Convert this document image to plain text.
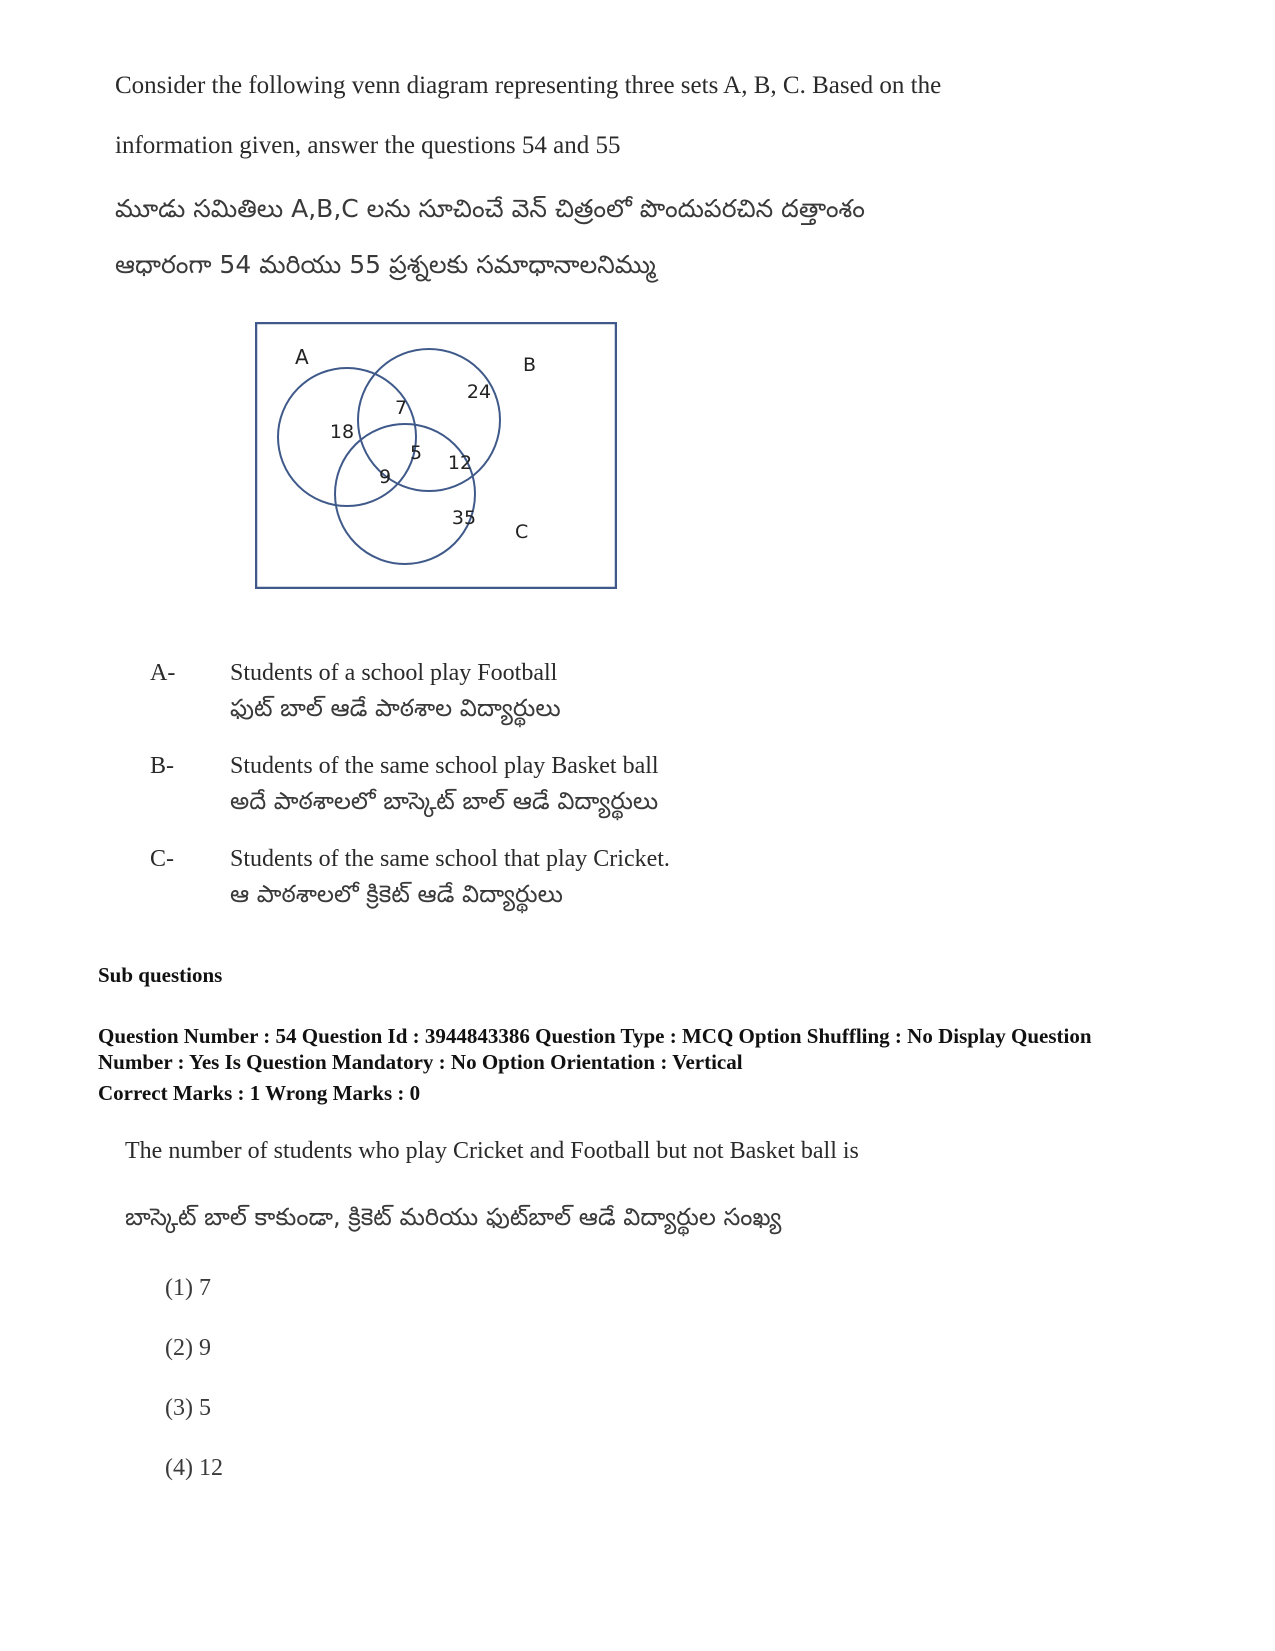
Consider the following venn diagram representing three sets A, B, C. Based on the
information given, answer the questions 54 and 55
మూడు సమితిలు A,B,C లను సూచించే వెన్ చిత్రంలో పొందుపరచిన దత్తాంశం
ఆధారంగా 54 మరియు 55 ప్రశ్నలకు సమాధానాలనిమ్ము
A	B
C
18
7
24
5
9
12
35
A- Students of a school play Football
ఫుట్ బాల్ ఆడే పాఠశాల విద్యార్థులు
B- Students of the same school play Basket ball
అదే పాఠశాలలో బాస్కెట్ బాల్ ఆడే విద్యార్థులు
C- Students of the same school that play Cricket.
ఆ పాఠశాలలో క్రికెట్ ఆడే విద్యార్థులు
Sub questions
Question Number : 54 Question Id : 3944843386 Question Type : MCQ Option Shuffling : No Display Question
Number : Yes Is Question Mandatory : No Option Orientation : Vertical
Correct Marks : 1 Wrong Marks : 0
The number of students who play Cricket and Football but not Basket ball is
బాస్కెట్ బాల్ కాకుండా, క్రికెట్ మరియు ఫుట్‌బాల్ ఆడే విద్యార్థుల సంఖ్య
(1) 7
(2) 9
(3) 5
(4) 12
